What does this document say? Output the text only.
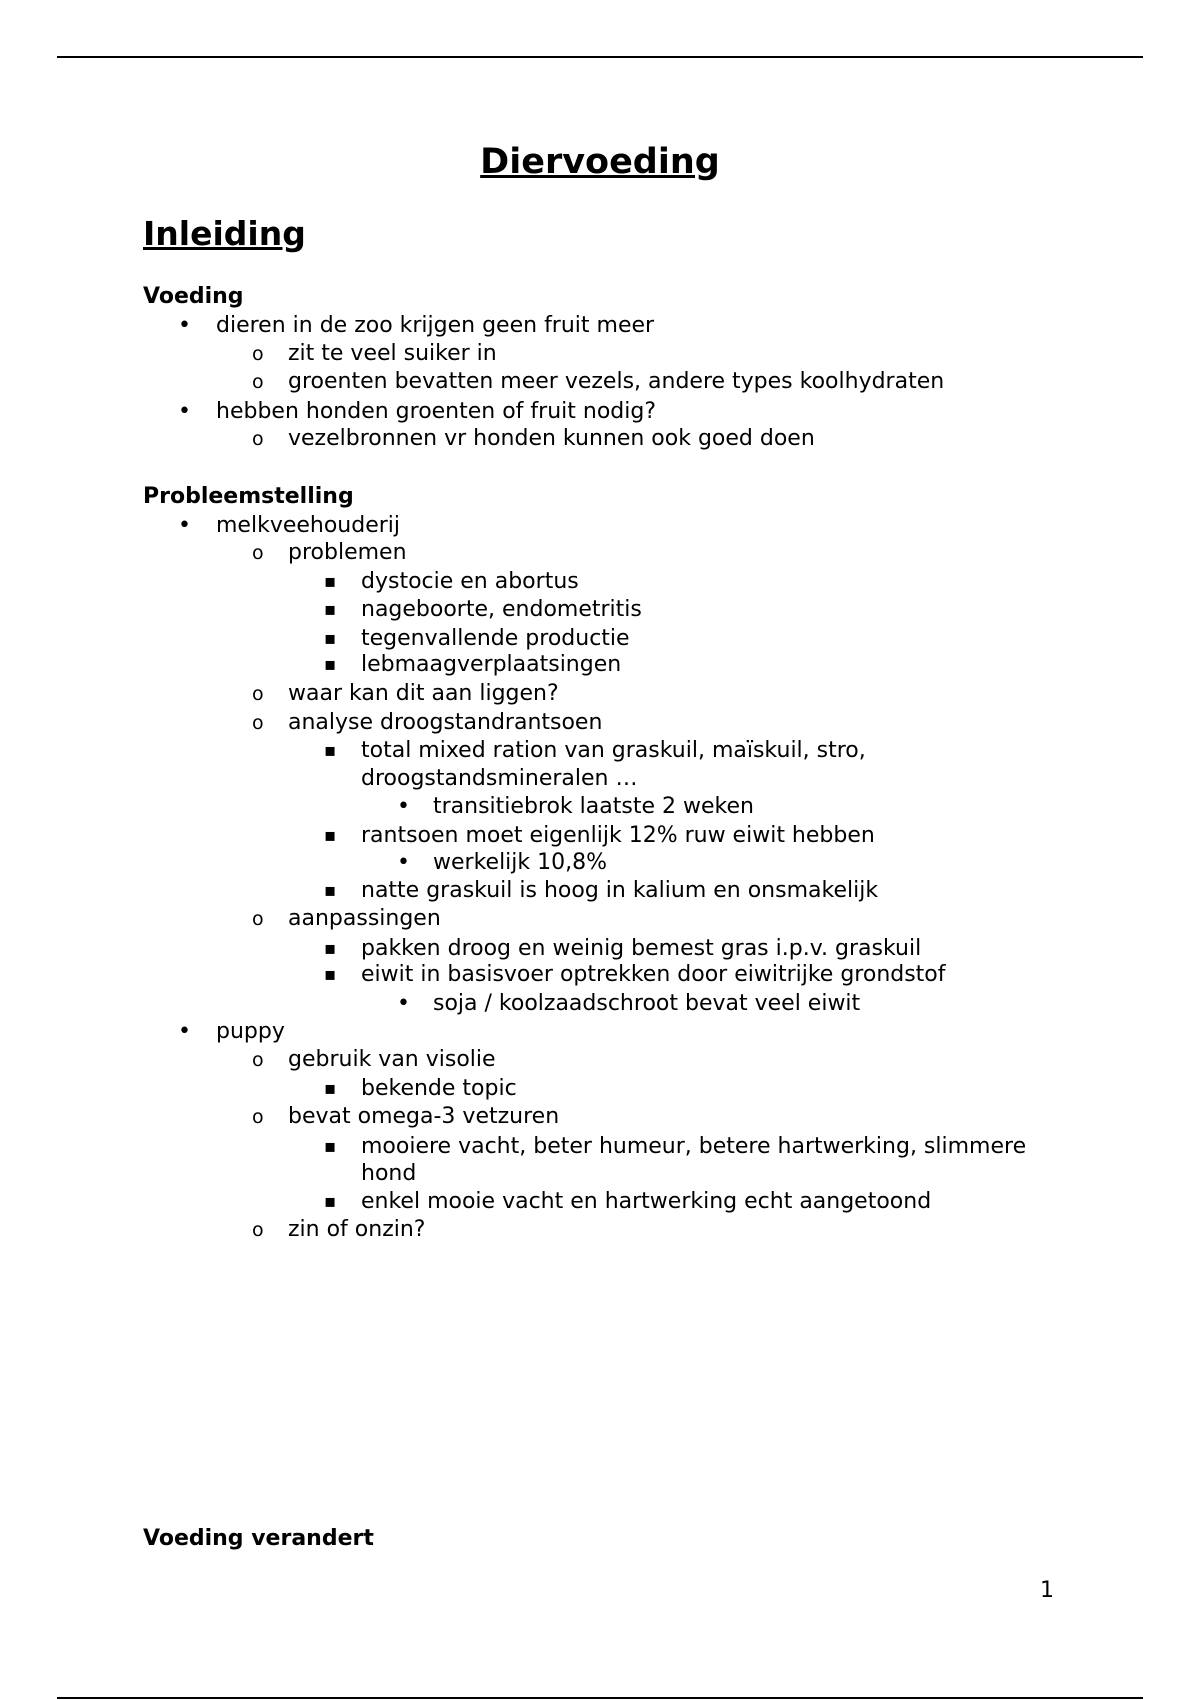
Diervoeding
Inleiding
Voeding
• dieren in de zoo krijgen geen fruit meer
o zit te veel suiker in
o groenten bevatten meer vezels, andere types koolhydraten
• hebben honden groenten of fruit nodig?
o vezelbronnen vr honden kunnen ook goed doen
Probleemstelling
• melkveehouderij
o problemen
▪ dystocie en abortus
▪ nageboorte, endometritis
▪ tegenvallende productie
▪ lebmaagverplaatsingen
o waar kan dit aan liggen?
o analyse droogstandrantsoen
▪ total mixed ration van graskuil, maïskuil, stro,
droogstandsmineralen …
• transitiebrok laatste 2 weken
▪ rantsoen moet eigenlijk 12% ruw eiwit hebben
• werkelijk 10,8%
▪ natte graskuil is hoog in kalium en onsmakelijk
o aanpassingen
▪ pakken droog en weinig bemest gras i.p.v. graskuil
▪ eiwit in basisvoer optrekken door eiwitrijke grondstof
• soja / koolzaadschroot bevat veel eiwit
• puppy
o gebruik van visolie
▪ bekende topic
o bevat omega-3 vetzuren
▪ mooiere vacht, beter humeur, betere hartwerking, slimmere
hond
▪ enkel mooie vacht en hartwerking echt aangetoond
o zin of onzin?
Voeding verandert
1
